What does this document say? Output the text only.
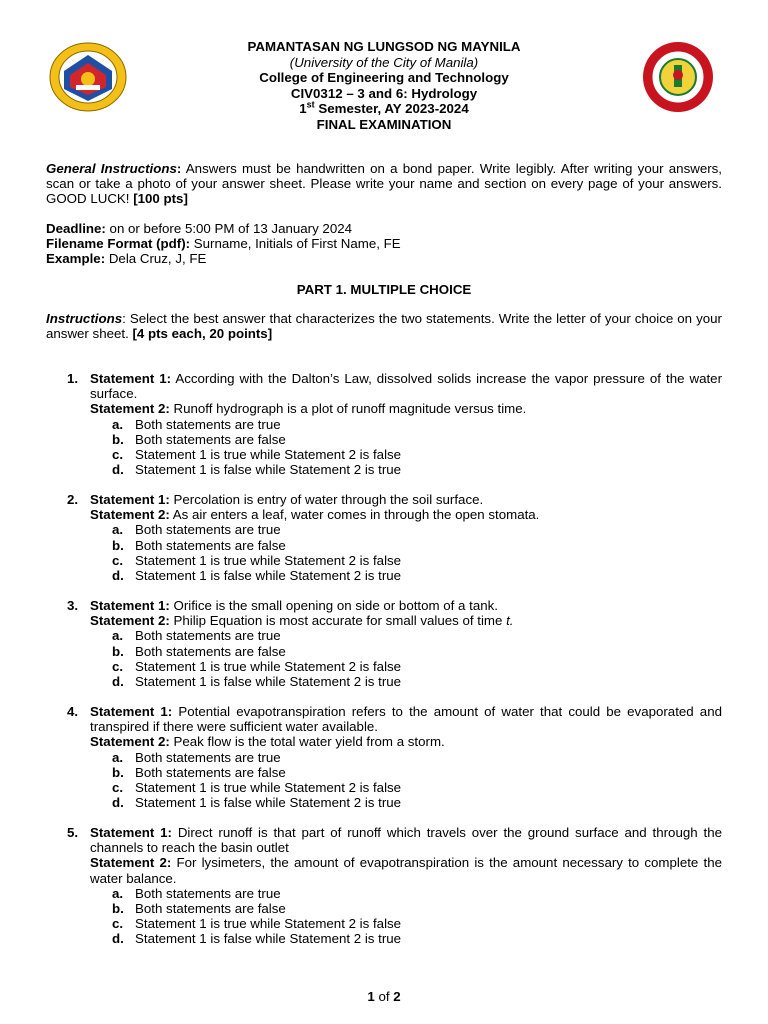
PAMANTASAN NG LUNGSOD NG MAYNILA
(University of the City of Manila)
College of Engineering and Technology
CIV0312 – 3 and 6: Hydrology
1st Semester, AY 2023-2024
FINAL EXAMINATION
General Instructions: Answers must be handwritten on a bond paper. Write legibly. After writing your answers, scan or take a photo of your answer sheet. Please write your name and section on every page of your answers. GOOD LUCK! [100 pts]
Deadline: on or before 5:00 PM of 13 January 2024
Filename Format (pdf): Surname, Initials of First Name, FE
Example: Dela Cruz, J, FE
PART 1. MULTIPLE CHOICE
Instructions: Select the best answer that characterizes the two statements. Write the letter of your choice on your answer sheet. [4 pts each, 20 points]
1. Statement 1: According with the Dalton’s Law, dissolved solids increase the vapor pressure of the water surface.
Statement 2: Runoff hydrograph is a plot of runoff magnitude versus time.
a. Both statements are true
b. Both statements are false
c. Statement 1 is true while Statement 2 is false
d. Statement 1 is false while Statement 2 is true
2. Statement 1: Percolation is entry of water through the soil surface.
Statement 2: As air enters a leaf, water comes in through the open stomata.
a. Both statements are true
b. Both statements are false
c. Statement 1 is true while Statement 2 is false
d. Statement 1 is false while Statement 2 is true
3. Statement 1: Orifice is the small opening on side or bottom of a tank.
Statement 2: Philip Equation is most accurate for small values of time t.
a. Both statements are true
b. Both statements are false
c. Statement 1 is true while Statement 2 is false
d. Statement 1 is false while Statement 2 is true
4. Statement 1: Potential evapotranspiration refers to the amount of water that could be evaporated and transpired if there were sufficient water available.
Statement 2: Peak flow is the total water yield from a storm.
a. Both statements are true
b. Both statements are false
c. Statement 1 is true while Statement 2 is false
d. Statement 1 is false while Statement 2 is true
5. Statement 1: Direct runoff is that part of runoff which travels over the ground surface and through the channels to reach the basin outlet
Statement 2: For lysimeters, the amount of evapotranspiration is the amount necessary to complete the water balance.
a. Both statements are true
b. Both statements are false
c. Statement 1 is true while Statement 2 is false
d. Statement 1 is false while Statement 2 is true
1 of 2
